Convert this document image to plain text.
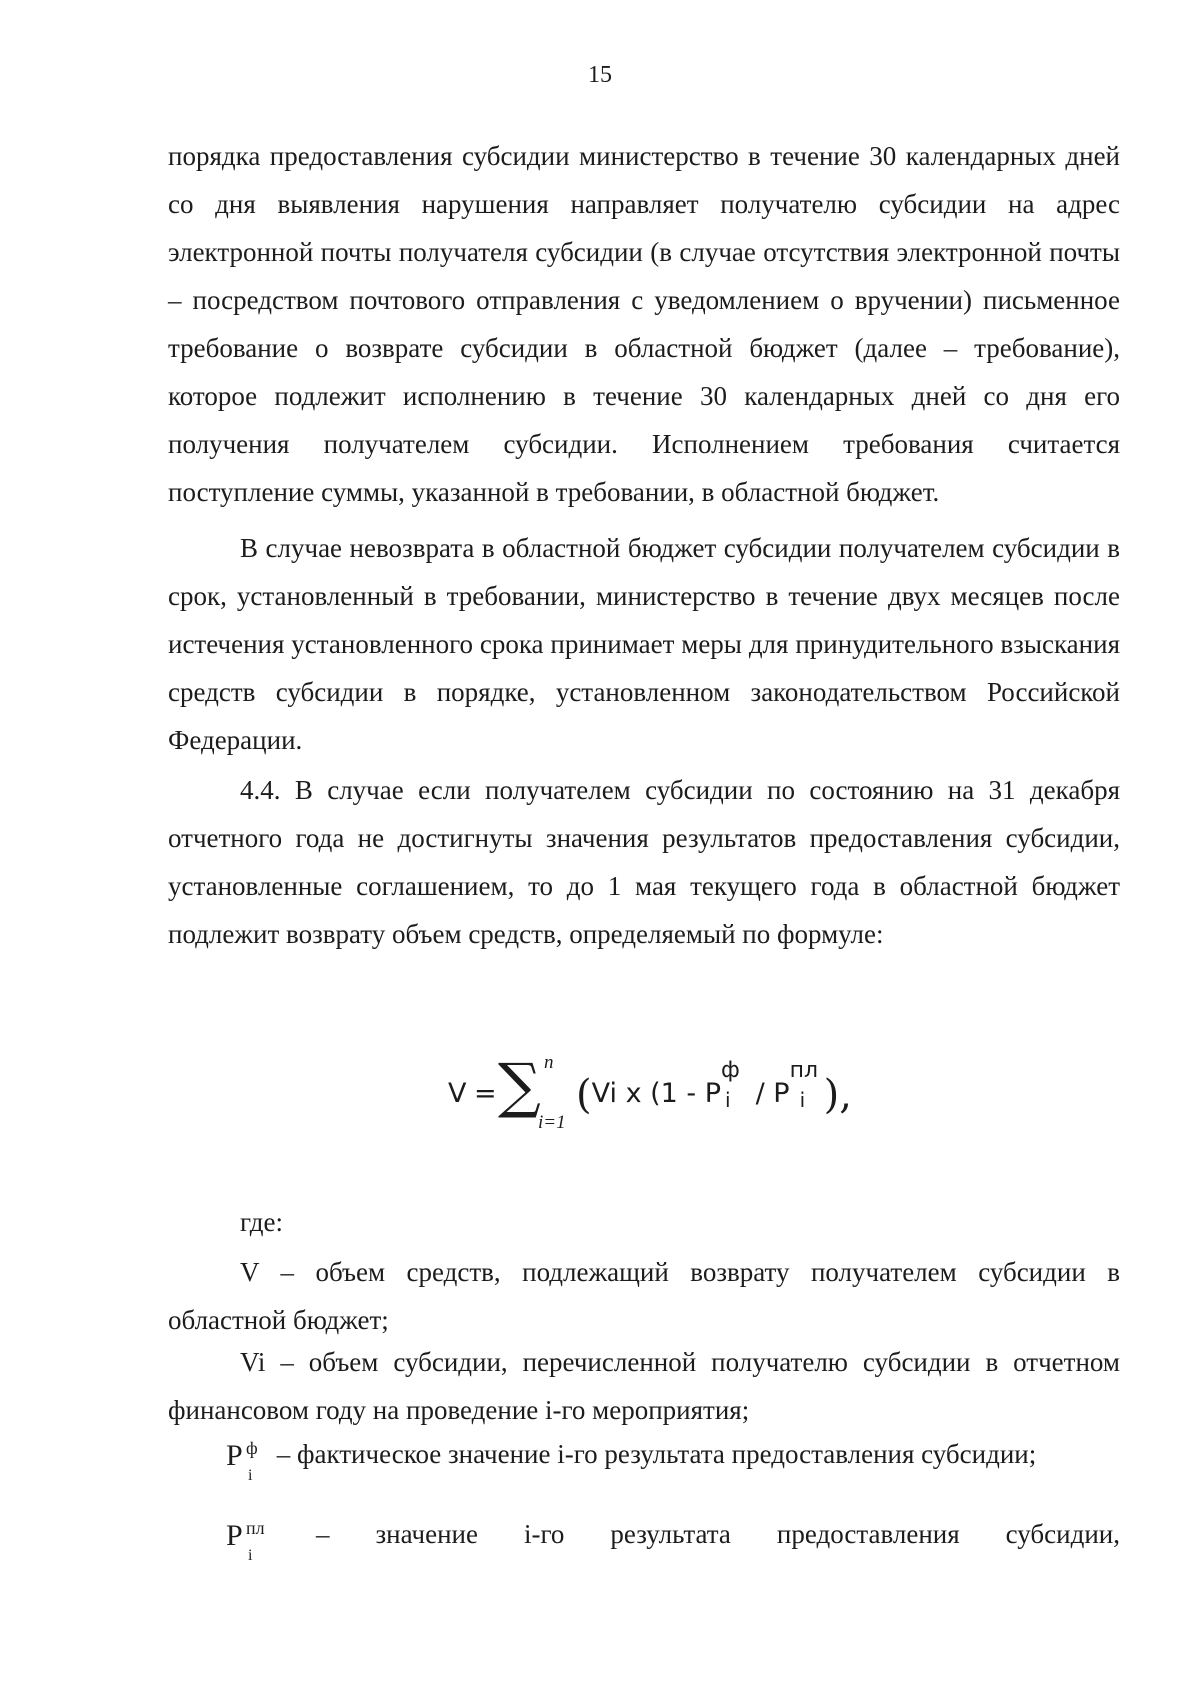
15

порядка предоставления субсидии министерство в течение 30 календарных дней со дня выявления нарушения направляет получателю субсидии на адрес электронной почты получателя субсидии (в случае отсутствия электронной почты – посредством почтового отправления с уведомлением о вручении) письменное требование о возврате субсидии в областной бюджет (далее – требование), которое подлежит исполнению в течение 30 календарных дней со дня его получения получателем субсидии. Исполнением требования считается поступление суммы, указанной в требовании, в областной бюджет.

В случае невозврата в областной бюджет субсидии получателем субсидии в срок, установленный в требовании, министерство в течение двух месяцев после истечения установленного срока принимает меры для принудительного взыскания средств субсидии в порядке, установленном законодательством Российской Федерации.

4.4. В случае если получателем субсидии по состоянию на 31 декабря отчетного года не достигнуты значения результатов предоставления субсидии, установленные соглашением, то до 1 мая текущего года в областной бюджет подлежит возврату объем средств, определяемый по формуле:

V = ∑ n
i=1
(Vi x (1 - P
ф
i / P
пл
i ),
где:
V – объем средств, подлежащий возврату получателем субсидии в областной бюджет;
Vi – объем субсидии, перечисленной получателю субсидии в отчетном финансовом году на проведение i-го мероприятия;
P ф
i
– фактическое значение i-го результата предоставления субсидии;
P пл
i
– значение i-го результата предоставления субсидии,
